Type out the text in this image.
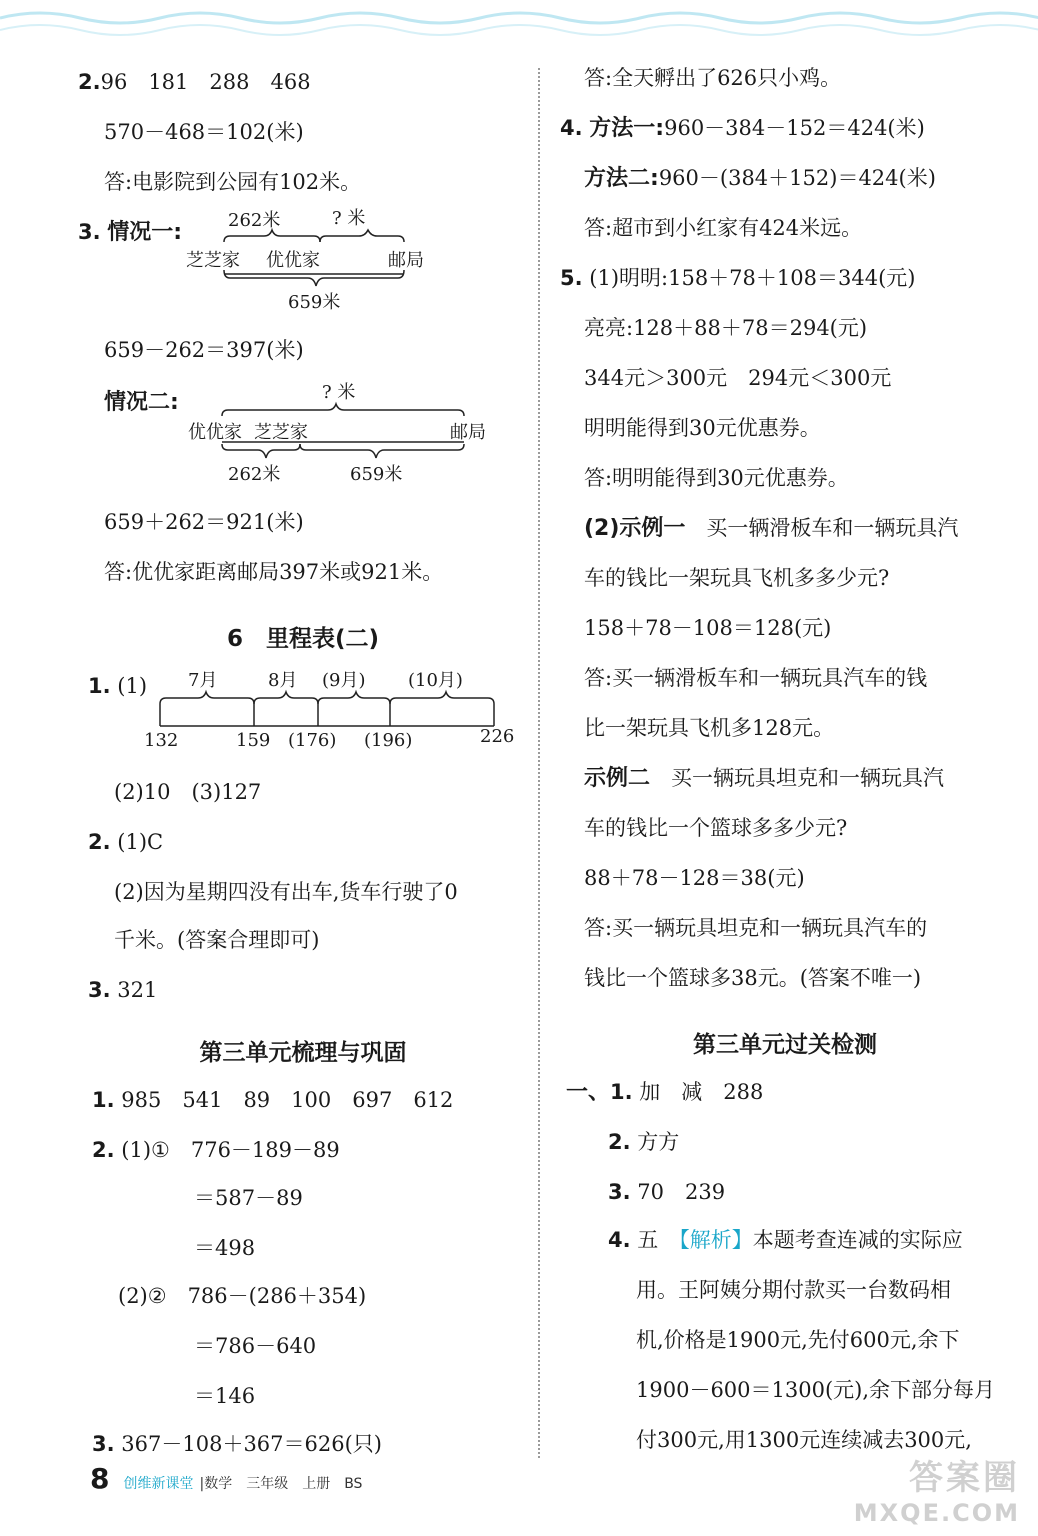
2.96　181　288　468
570－468＝102(米)
答:电影院到公园有102米。
3. 情况一:	262米	? 米
芝芝家 优优家	邮局
659米
659－262＝397(米)
情况二:	? 米
优优家 芝芝家	邮局
262米	659米
659＋262＝921(米)
答:优优家距离邮局397米或921米。
6　里程表(二)
1. (1) 7月	8月 (9月) (10月)
132	159 (176) (196)	226
(2)10　(3)127
2. (1)C
(2)因为星期四没有出车,货车行驶了0
千米。(答案合理即可)
3. 321
第三单元梳理与巩固
1. 985　541　89　100　697　612
2. (1)①　776－189－89
＝587－89
＝498
(2)②　786－(286＋354)
＝786－640
＝146
3. 367－108＋367＝626(只)
答:全天孵出了626只小鸡。
4. 方法一:960－384－152＝424(米)
方法二:960－(384＋152)＝424(米)
答:超市到小红家有424米远。
5. (1)明明:158＋78＋108＝344(元)
亮亮:128＋88＋78＝294(元)
344元＞300元　294元＜300元
明明能得到30元优惠券。
答:明明能得到30元优惠券。
(2)示例一　 买一辆滑板车和一辆玩具汽
车的钱比一架玩具飞机多多少元?
158＋78－108＝128(元)
答:买一辆滑板车和一辆玩具汽车的钱
比一架玩具飞机多128元。
示例二　 买一辆玩具坦克和一辆玩具汽
车的钱比一个篮球多多少元?
88＋78－128＝38(元)
答:买一辆玩具坦克和一辆玩具汽车的
钱比一个篮球多38元。(答案不唯一)
第三单元过关检测
一、1. 加　减　288
2. 方方
3. 70　239
4. 五　 【解析】本题考查连减的实际应
用。王阿姨分期付款买一台数码相
机,价格是1900元,先付600元,余下
1900－600＝1300(元),余下部分每月
付300元,用1300元连续减去300元,
8 创维新课堂 |数学　三年级　上册　BS	答案圈
MXQE.COM
